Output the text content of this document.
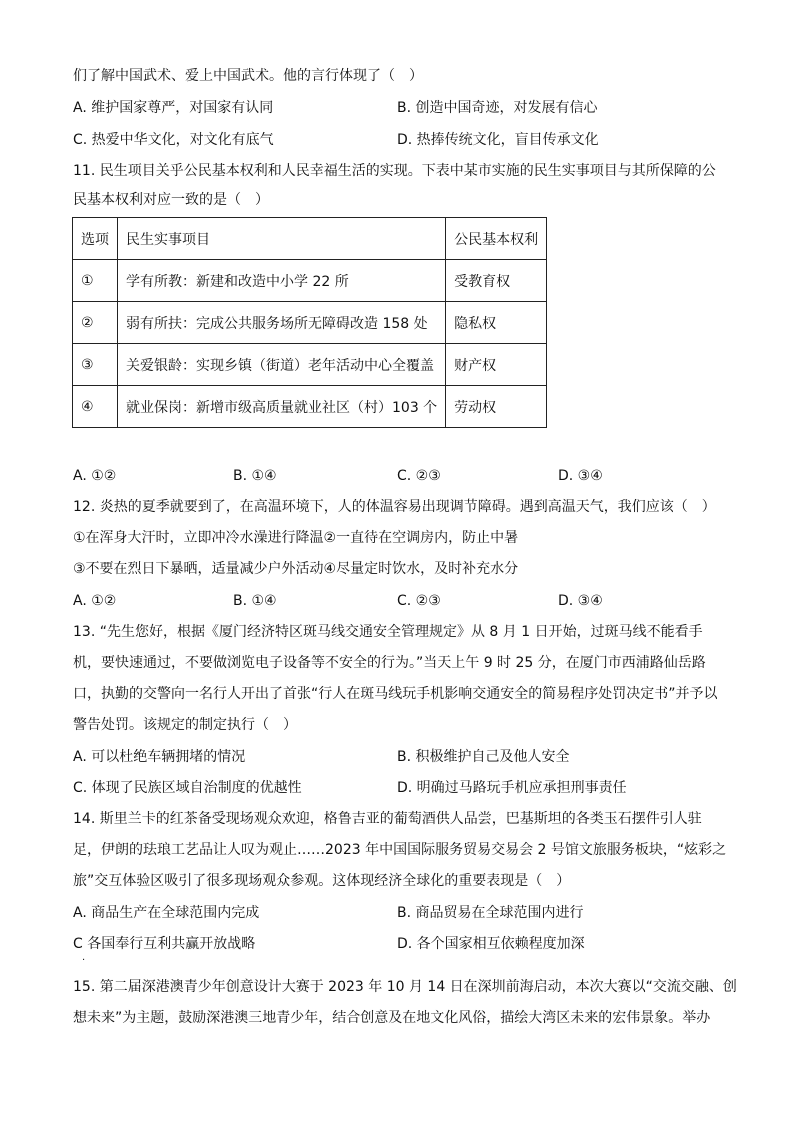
们了解中国武术、爱上中国武术。他的言行体现了（　）
A. 维护国家尊严，对国家有认同	B. 创造中国奇迹，对发展有信心
C. 热爱中华文化，对文化有底气	D. 热捧传统文化，盲目传承文化
11. 民生项目关乎公民基本权利和人民幸福生活的实现。下表中某市实施的民生实事项目与其所保障的公
民基本权利对应一致的是（　）
选项	民生实事项目	公民基本权利
①	学有所教：新建和改造中小学 22 所	受教育权
②	弱有所扶：完成公共服务场所无障碍改造 158 处	隐私权
③	关爱银龄：实现乡镇（街道）老年活动中心全覆盖	财产权
④	就业保岗：新增市级高质量就业社区（村）103 个	劳动权
A. ①②	B. ①④	C. ②③	D. ③④
12. 炎热的夏季就要到了，在高温环境下，人的体温容易出现调节障碍。遇到高温天气，我们应该（　）
①在浑身大汗时，立即冲冷水澡进行降温②一直待在空调房内，防止中暑
③不要在烈日下暴晒，适量减少户外活动④尽量定时饮水，及时补充水分
A. ①②	B. ①④	C. ②③	D. ③④
13. “先生您好，根据《厦门经济特区斑马线交通安全管理规定》从 8 月 1 日开始，过斑马线不能看手
机，要快速通过，不要做浏览电子设备等不安全的行为。”当天上午 9 时 25 分，在厦门市西浦路仙岳路
口，执勤的交警向一名行人开出了首张“行人在斑马线玩手机影响交通安全的简易程序处罚决定书”并予以
警告处罚。该规定的制定执行（　）
A. 可以杜绝车辆拥堵的情况	B. 积极维护自己及他人安全
C. 体现了民族区域自治制度的优越性	D. 明确过马路玩手机应承担刑事责任
14. 斯里兰卡的红茶备受现场观众欢迎，格鲁吉亚的葡萄酒供人品尝，巴基斯坦的各类玉石摆件引人驻
足，伊朗的珐琅工艺品让人叹为观止……2023 年中国国际服务贸易交易会 2 号馆文旅服务板块，“炫彩之
旅”交互体验区吸引了很多现场观众参观。这体现经济全球化的重要表现是（　）
A. 商品生产在全球范围内完成	B. 商品贸易在全球范围内进行
C 各国奉行互利共赢开放战略	D. 各个国家相互依赖程度加深
·
15. 第二届深港澳青少年创意设计大赛于 2023 年 10 月 14 日在深圳前海启动，本次大赛以“交流交融、创
想未来”为主题，鼓励深港澳三地青少年，结合创意及在地文化风俗，描绘大湾区未来的宏伟景象。举办
